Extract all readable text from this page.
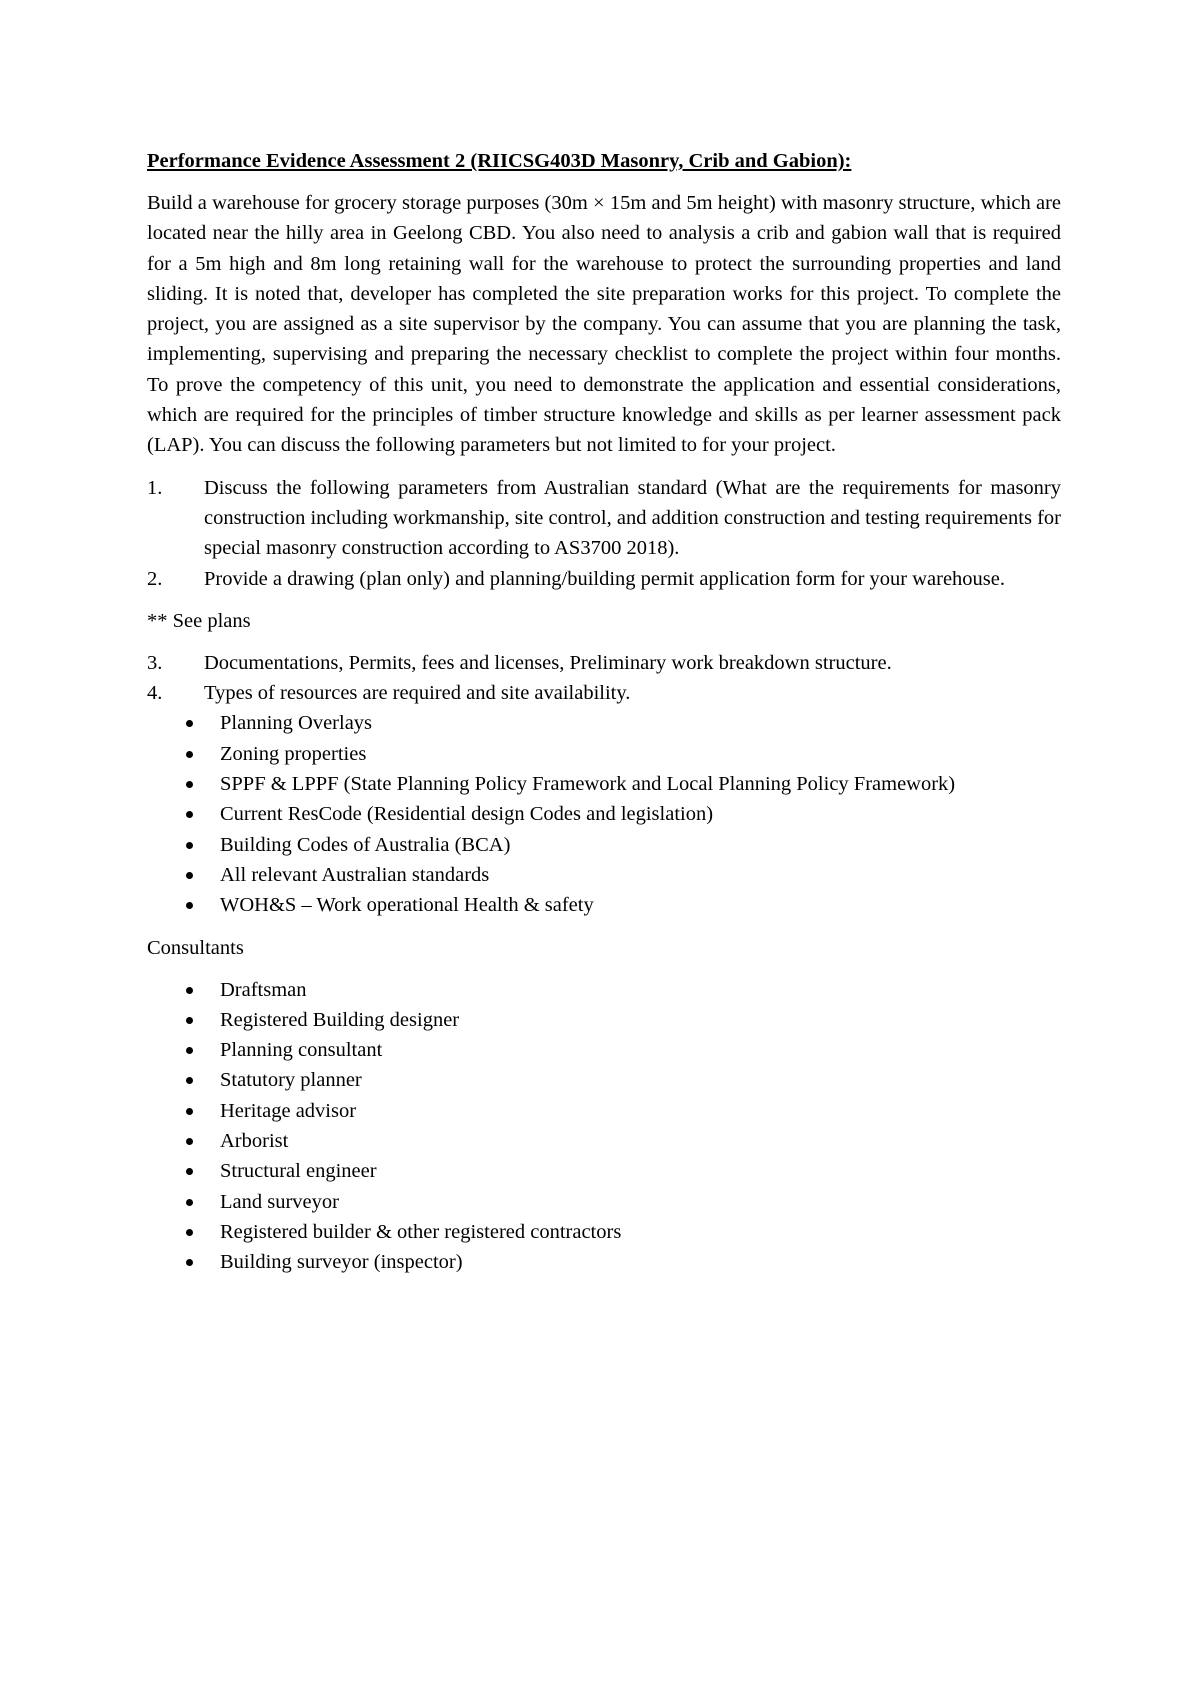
Performance Evidence Assessment 2 (RIICSG403D Masonry, Crib and Gabion):

Build a warehouse for grocery storage purposes (30m × 15m and 5m height) with masonry structure, which are located near the hilly area in Geelong CBD. You also need to analysis a crib and gabion wall that is required for a 5m high and 8m long retaining wall for the warehouse to protect the surrounding properties and land sliding. It is noted that, developer has completed the site preparation works for this project. To complete the project, you are assigned as a site supervisor by the company. You can assume that you are planning the task, implementing, supervising and preparing the necessary checklist to complete the project within four months. To prove the competency of this unit, you need to demonstrate the application and essential considerations, which are required for the principles of timber structure knowledge and skills as per learner assessment pack (LAP). You can discuss the following parameters but not limited to for your project.

1.	Discuss the following parameters from Australian standard (What are the requirements for masonry construction including workmanship, site control, and addition construction and testing requirements for special masonry construction according to AS3700 2018).
2.	Provide a drawing (plan only) and planning/building permit application form for your warehouse.

** See plans

3.	Documentations, Permits, fees and licenses, Preliminary work breakdown structure.
4.	Types of resources are required and site availability.
Planning Overlays
Zoning properties
SPPF & LPPF (State Planning Policy Framework and Local Planning Policy Framework)
Current ResCode (Residential design Codes and legislation)
Building Codes of Australia (BCA)
All relevant Australian standards
WOH&S – Work operational Health & safety

Consultants

Draftsman
Registered Building designer
Planning consultant
Statutory planner
Heritage advisor
Arborist
Structural engineer
Land surveyor
Registered builder & other registered contractors
Building surveyor (inspector)
